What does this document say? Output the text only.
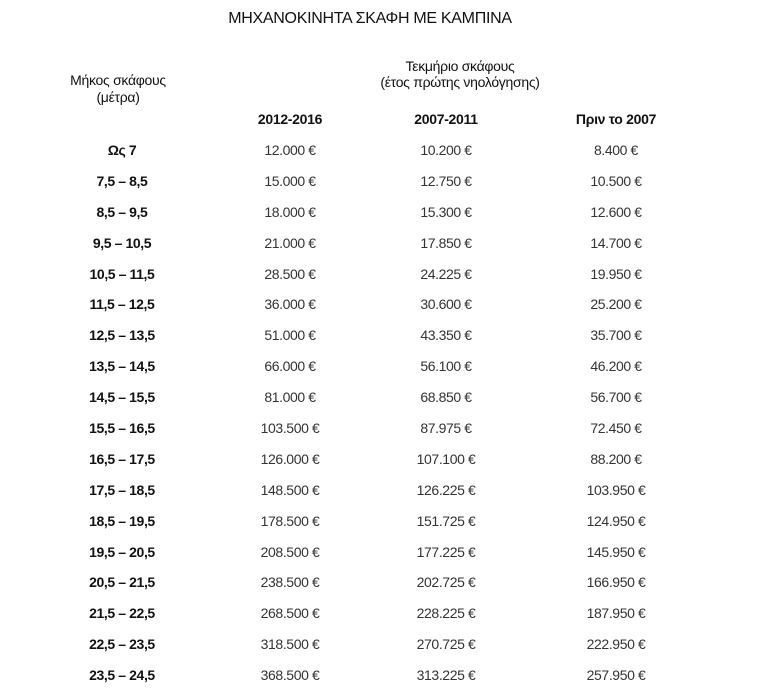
ΜΗΧΑΝΟΚΙΝΗΤΑ ΣΚΑΦΗ ΜΕ ΚΑΜΠΙΝΑ
Μήκος σκάφους
(μέτρα)
Τεκμήριο σκάφους
(έτος πρώτης νηολόγησης)
2012-2016	2007-2011	Πριν το 2007
Ως 7	12.000 €	10.200 €	8.400 €
7,5 – 8,5	15.000 €	12.750 €	10.500 €
8,5 – 9,5	18.000 €	15.300 €	12.600 €
9,5 – 10,5	21.000 €	17.850 €	14.700 €
10,5 – 11,5	28.500 €	24.225 €	19.950 €
11,5 – 12,5	36.000 €	30.600 €	25.200 €
12,5 – 13,5	51.000 €	43.350 €	35.700 €
13,5 – 14,5	66.000 €	56.100 €	46.200 €
14,5 – 15,5	81.000 €	68.850 €	56.700 €
15,5 – 16,5	103.500 €	87.975 €	72.450 €
16,5 – 17,5	126.000 €	107.100 €	88.200 €
17,5 – 18,5	148.500 €	126.225 €	103.950 €
18,5 – 19,5	178.500 €	151.725 €	124.950 €
19,5 – 20,5	208.500 €	177.225 €	145.950 €
20,5 – 21,5	238.500 €	202.725 €	166.950 €
21,5 – 22,5	268.500 €	228.225 €	187.950 €
22,5 – 23,5	318.500 €	270.725 €	222.950 €
23,5 – 24,5	368.500 €	313.225 €	257.950 €
